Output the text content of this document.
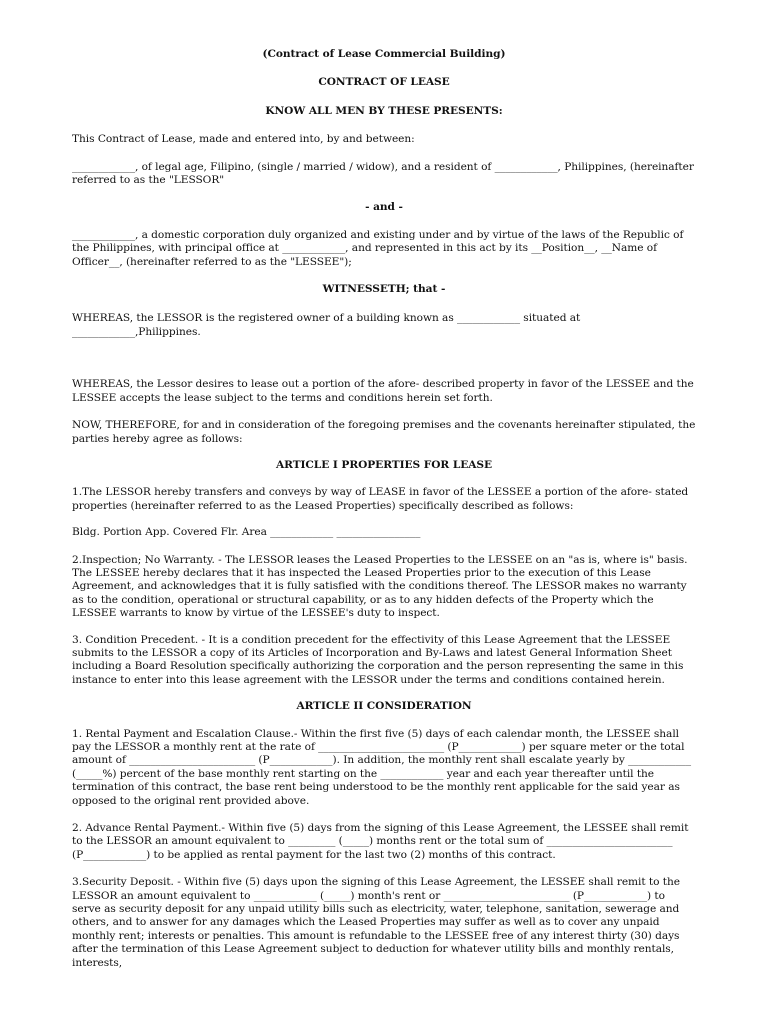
(Contract of Lease Commercial Building)

CONTRACT OF LEASE

KNOW ALL MEN BY THESE PRESENTS:

This Contract of Lease, made and entered into, by and between:

____________, of legal age, Filipino, (single / married / widow), and a resident of ____________, Philippines, (hereinafter referred to as the "LESSOR"

- and -

____________, a domestic corporation duly organized and existing under and by virtue of the laws of the Republic of the Philippines, with principal office at ____________, and represented in this act by its __Position__, __Name of Officer__, (hereinafter referred to as the "LESSEE");

WITNESSETH; that -

WHEREAS, the LESSOR is the registered owner of a building known as ____________ situated at ____________,Philippines.

WHEREAS, the Lessor desires to lease out a portion of the afore- described property in favor of the LESSEE and the LESSEE accepts the lease subject to the terms and conditions herein set forth.

NOW, THEREFORE, for and in consideration of the foregoing premises and the covenants hereinafter stipulated, the parties hereby agree as follows:

ARTICLE I PROPERTIES FOR LEASE

1.The LESSOR hereby transfers and conveys by way of LEASE in favor of the LESSEE a portion of the afore- stated properties (hereinafter referred to as the Leased Properties) specifically described as follows:

Bldg. Portion App. Covered Flr. Area ____________ ________________

2.Inspection; No Warranty. - The LESSOR leases the Leased Properties to the LESSEE on an "as is, where is" basis. The LESSEE hereby declares that it has inspected the Leased Properties prior to the execution of this Lease Agreement, and acknowledges that it is fully satisfied with the conditions thereof. The LESSOR makes no warranty as to the condition, operational or structural capability, or as to any hidden defects of the Property which the LESSEE warrants to know by virtue of the LESSEE's duty to inspect.

3. Condition Precedent. - It is a condition precedent for the effectivity of this Lease Agreement that the LESSEE submits to the LESSOR a copy of its Articles of Incorporation and By-Laws and latest General Information Sheet including a Board Resolution specifically authorizing the corporation and the person representing the same in this instance to enter into this lease agreement with the LESSOR under the terms and conditions contained herein.

ARTICLE II CONSIDERATION

1. Rental Payment and Escalation Clause.- Within the first five (5) days of each calendar month, the LESSEE shall pay the LESSOR a monthly rent at the rate of ________________________ (P____________) per square meter or the total amount of ________________________ (P____________). In addition, the monthly rent shall escalate yearly by ____________ (_____%) percent of the base monthly rent starting on the ____________ year and each year thereafter until the termination of this contract, the base rent being understood to be the monthly rent applicable for the said year as opposed to the original rent provided above.

2. Advance Rental Payment.- Within five (5) days from the signing of this Lease Agreement, the LESSEE shall remit to the LESSOR an amount equivalent to _________ (_____) months rent or the total sum of ________________________ (P____________) to be applied as rental payment for the last two (2) months of this contract.

3.Security Deposit. - Within five (5) days upon the signing of this Lease Agreement, the LESSEE shall remit to the LESSOR an amount equivalent to ____________ (_____) month's rent or ________________________ (P____________) to serve as security deposit for any unpaid utility bills such as electricity, water, telephone, sanitation, sewerage and others, and to answer for any damages which the Leased Properties may suffer as well as to cover any unpaid monthly rent; interests or penalties. This amount is refundable to the LESSEE free of any interest thirty (30) days after the termination of this Lease Agreement subject to deduction for whatever utility bills and monthly rentals, interests,
